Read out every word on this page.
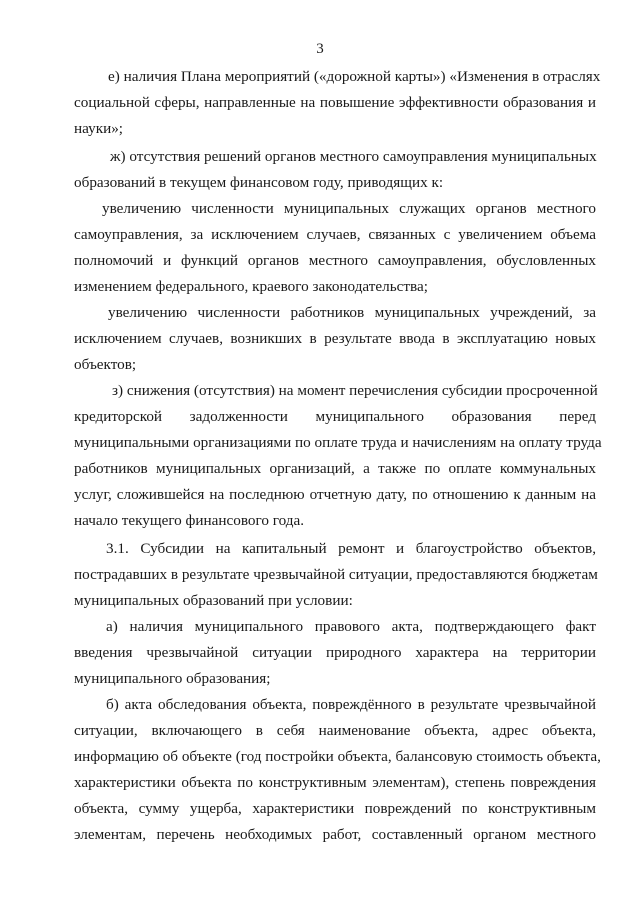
3
е) наличия Плана мероприятий («дорожной карты») «Изменения в отраслях
социальной сферы, направленные на повышение эффективности образования и
науки»;
ж) отсутствия решений органов местного самоуправления муниципальных
образований в текущем финансовом году, приводящих к:
увеличению численности муниципальных служащих органов местного
самоуправления, за исключением случаев, связанных с увеличением объема
полномочий и функций органов местного самоуправления, обусловленных
изменением федерального, краевого законодательства;
увеличению численности работников муниципальных учреждений, за
исключением случаев, возникших в результате ввода в эксплуатацию новых
объектов;
з) снижения (отсутствия) на момент перечисления субсидии просроченной
кредиторской задолженности муниципального образования перед
муниципальными организациями по оплате труда и начислениям на оплату труда
работников муниципальных организаций, а также по оплате коммунальных
услуг, сложившейся на последнюю отчетную дату, по отношению к данным на
начало текущего финансового года.
3.1. Субсидии на капитальный ремонт и благоустройство объектов,
пострадавших в результате чрезвычайной ситуации, предоставляются бюджетам
муниципальных образований при условии:
а) наличия муниципального правового акта, подтверждающего факт
введения чрезвычайной ситуации природного характера на территории
муниципального образования;
б) акта обследования объекта, повреждённого в результате чрезвычайной
ситуации, включающего в себя наименование объекта, адрес объекта,
информацию об объекте (год постройки объекта, балансовую стоимость объекта,
характеристики объекта по конструктивным элементам), степень повреждения
объекта, сумму ущерба, характеристики повреждений по конструктивным
элементам, перечень необходимых работ, составленный органом местного
